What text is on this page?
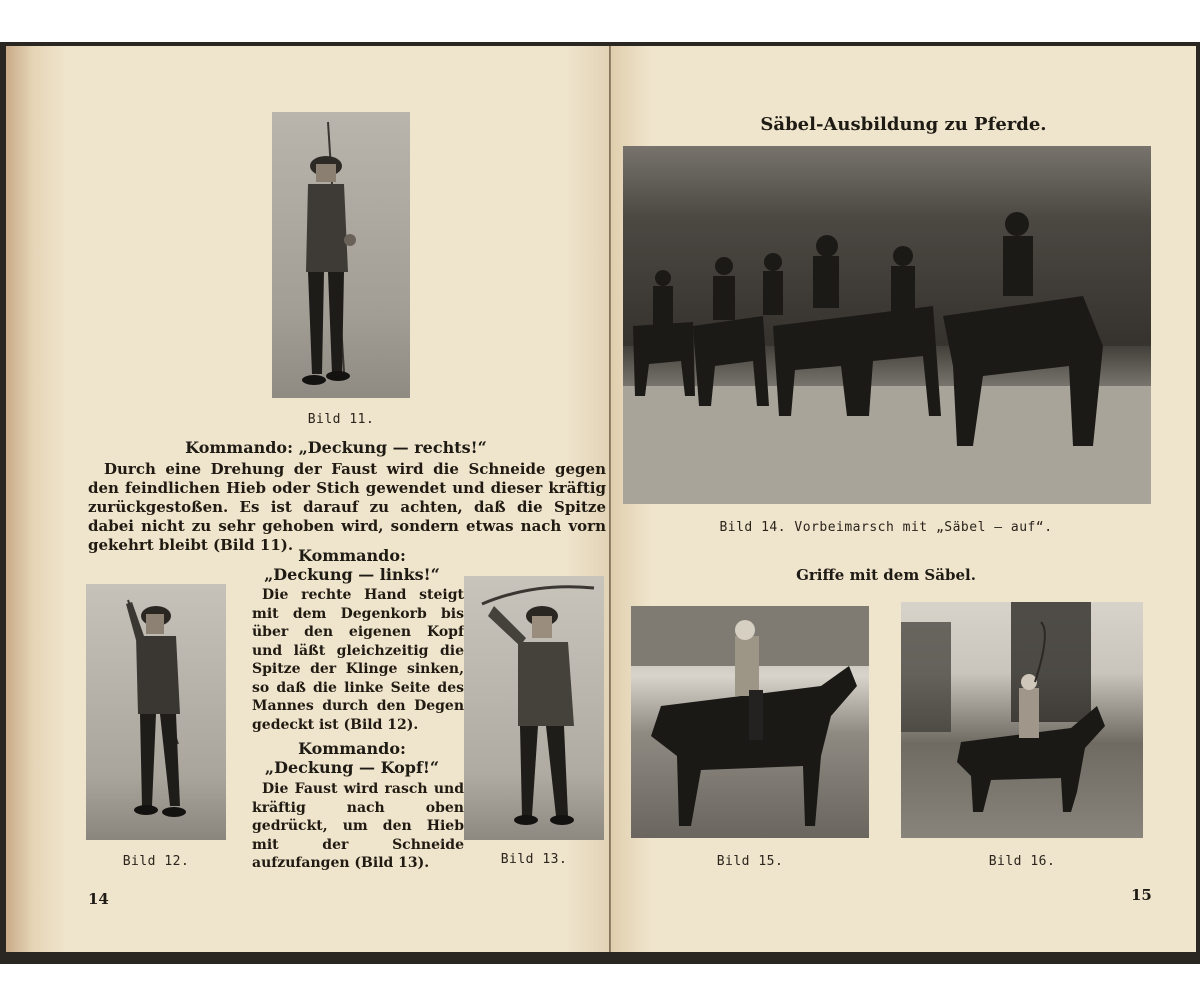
Bild 11.
Kommando: „Deckung — rechts!“
Durch eine Drehung der Faust wird die Schneide gegen den feindlichen Hieb oder Stich gewendet und dieser kräftig zurückgestoßen. Es ist darauf zu achten, daß die Spitze dabei nicht zu sehr gehoben wird, sondern etwas nach vorn gekehrt bleibt (Bild 11).
Bild 12.
Kommando:
„Deckung — links!“
Die rechte Hand steigt mit dem Degenkorb bis über den eigenen Kopf und läßt gleichzeitig die Spitze der Klinge sinken, so daß die linke Seite des Mannes durch den Degen gedeckt ist (Bild 12).
Kommando:
„Deckung — Kopf!“
Die Faust wird rasch und kräftig nach oben gedrückt, um den Hieb mit der Schneide aufzufangen (Bild 13).	Bild 13.
14
Säbel-Ausbildung zu Pferde.
Bild 14. Vorbeimarsch mit „Säbel — auf“.
Griffe mit dem Säbel.
Bild 15.	Bild 16.
15
